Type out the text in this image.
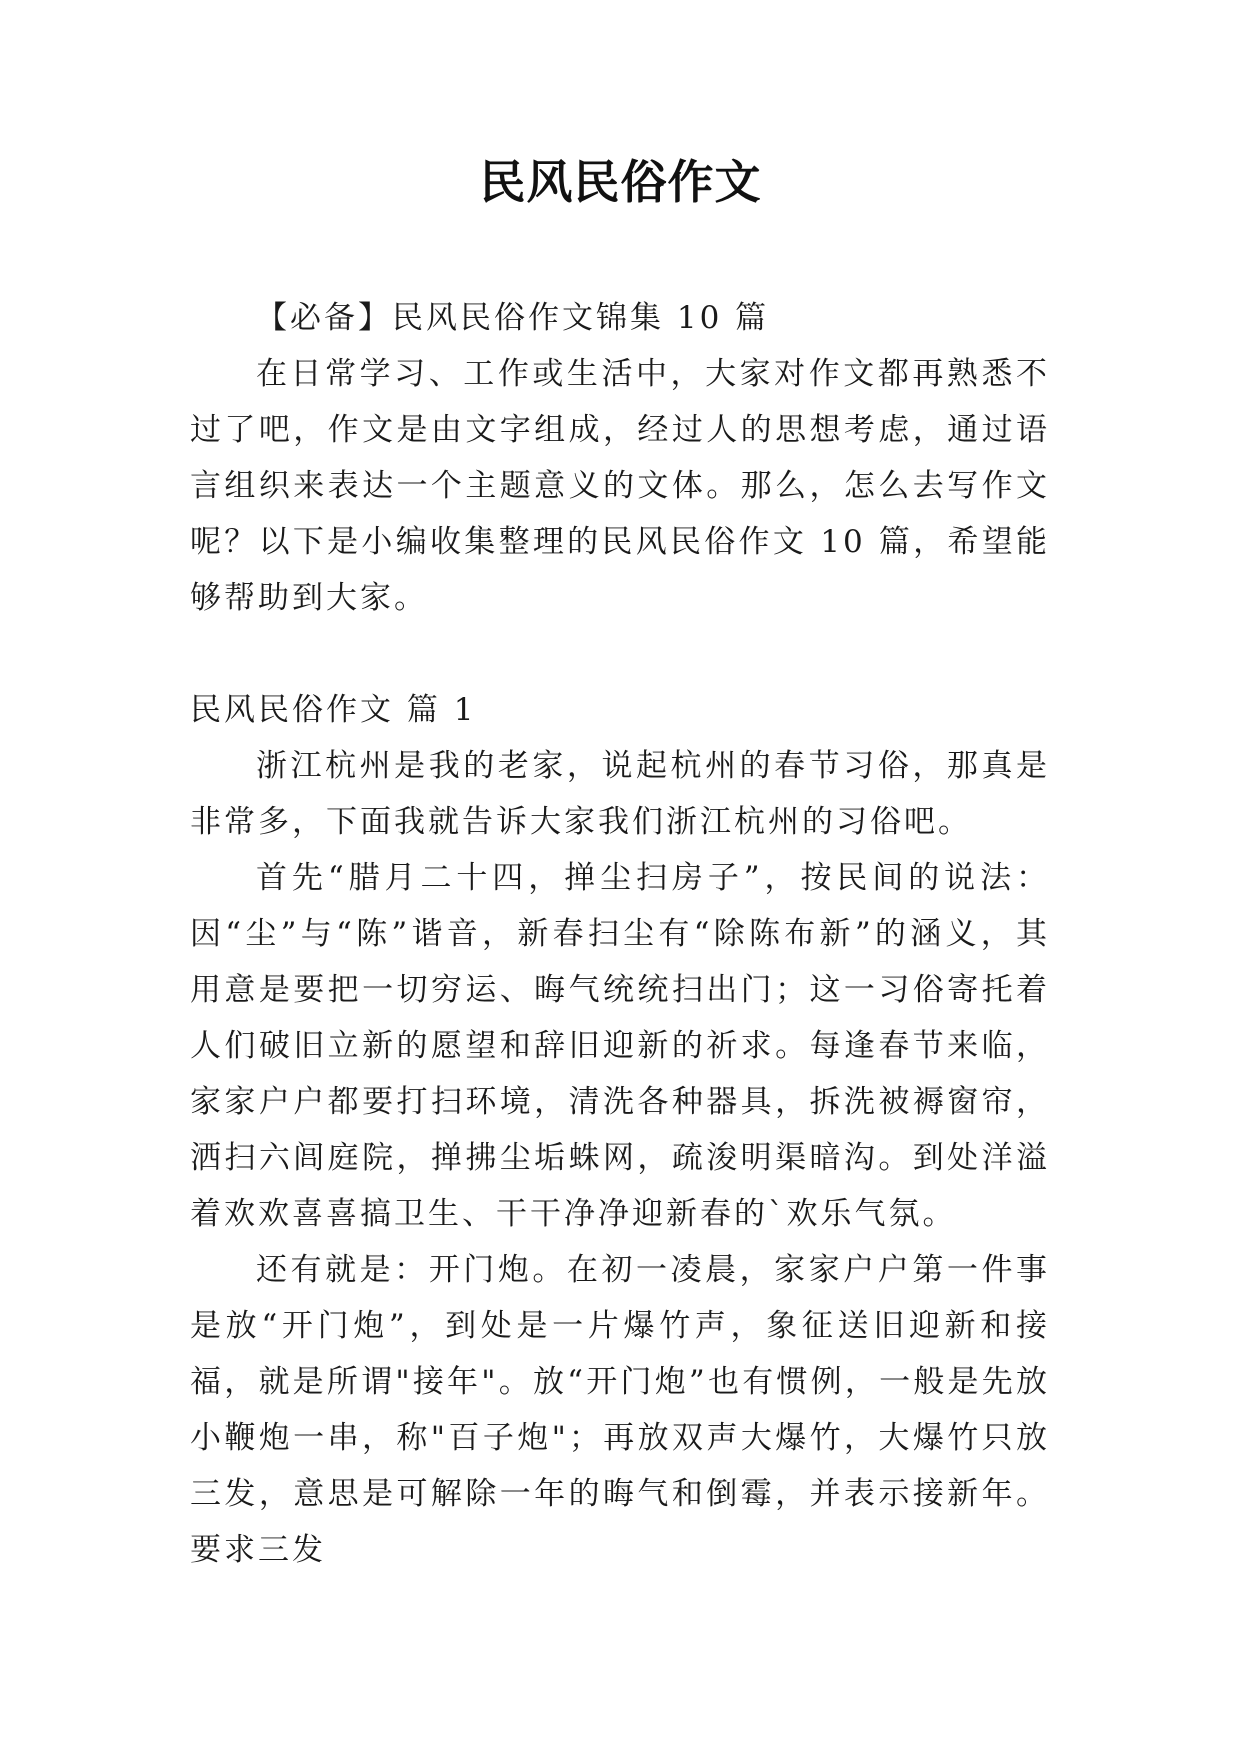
民风民俗作文

【必备】民风民俗作文锦集 10 篇

在日常学习、工作或生活中，大家对作文都再熟悉不过了吧，作文是由文字组成，经过人的思想考虑，通过语言组织来表达一个主题意义的文体。那么，怎么去写作文呢？以下是小编收集整理的民风民俗作文 10 篇，希望能够帮助到大家。

民风民俗作文 篇 1

浙江杭州是我的老家，说起杭州的春节习俗，那真是非常多，下面我就告诉大家我们浙江杭州的习俗吧。

首先“腊月二十四，掸尘扫房子”，按民间的说法：因“尘”与“陈”谐音，新春扫尘有“除陈布新”的涵义，其用意是要把一切穷运、晦气统统扫出门；这一习俗寄托着人们破旧立新的愿望和辞旧迎新的祈求。每逢春节来临，家家户户都要打扫环境，清洗各种器具，拆洗被褥窗帘，洒扫六闾庭院，掸拂尘垢蛛网，疏浚明渠暗沟。到处洋溢着欢欢喜喜搞卫生、干干净净迎新春的`欢乐气氛。

还有就是：开门炮。在初一凌晨，家家户户第一件事是放“开门炮”，到处是一片爆竹声，象征送旧迎新和接福，就是所谓"接年"。放“开门炮”也有惯例，一般是先放小鞭炮一串，称"百子炮"；再放双声大爆竹，大爆竹只放三发，意思是可解除一年的晦气和倒霉，并表示接新年。要求三发
